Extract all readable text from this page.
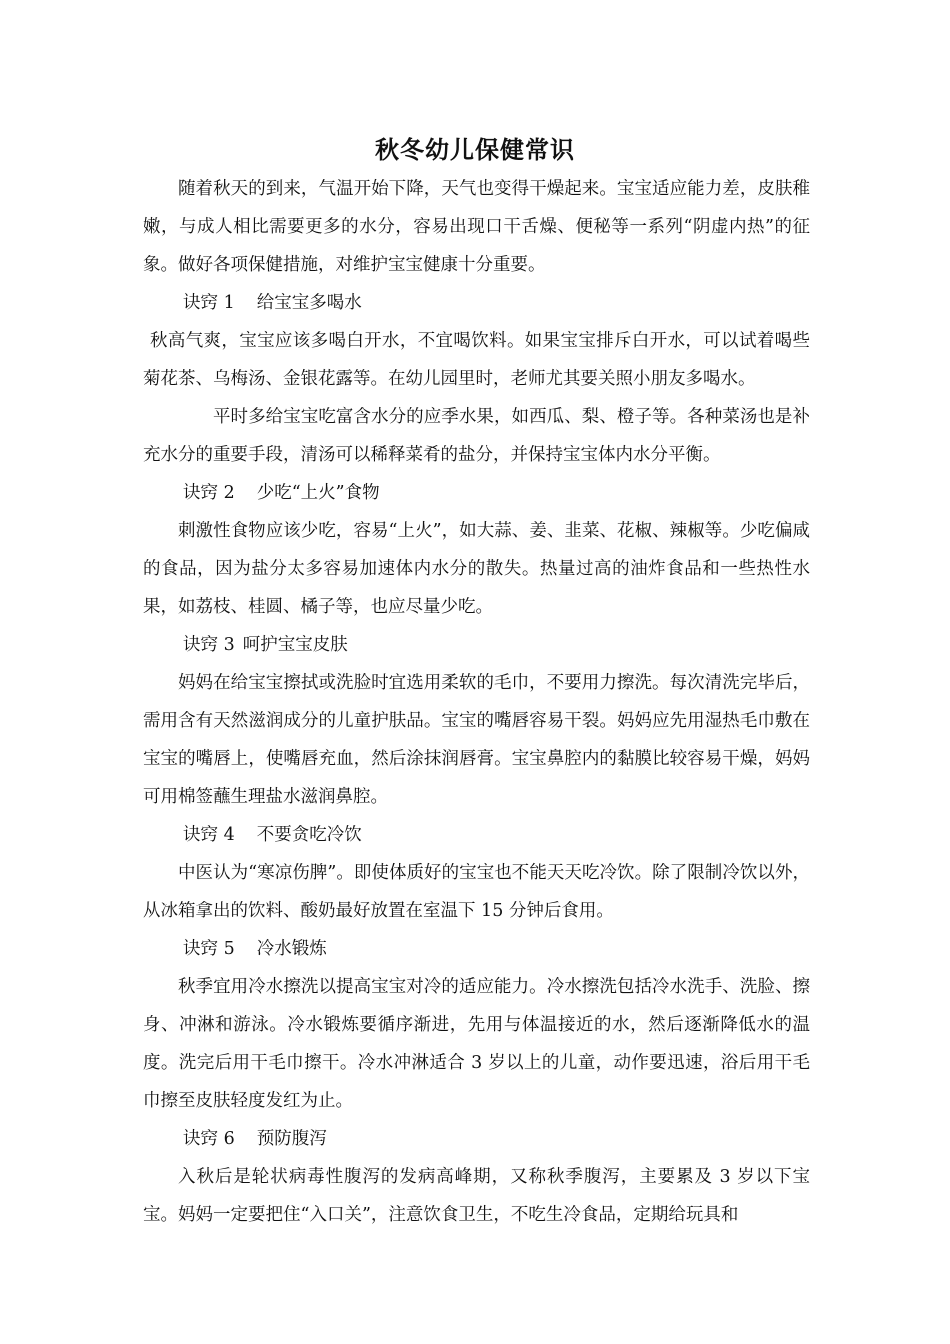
秋冬幼儿保健常识

随着秋天的到来，气温开始下降，天气也变得干燥起来。宝宝适应能力差，皮肤稚嫩，与成人相比需要更多的水分，容易出现口干舌燥、便秘等一系列“阴虚内热”的征象。做好各项保健措施，对维护宝宝健康十分重要。

诀窍 1 给宝宝多喝水

秋高气爽，宝宝应该多喝白开水，不宜喝饮料。如果宝宝排斥白开水，可以试着喝些菊花茶、乌梅汤、金银花露等。在幼儿园里时，老师尤其要关照小朋友多喝水。

平时多给宝宝吃富含水分的应季水果，如西瓜、梨、橙子等。各种菜汤也是补充水分的重要手段，清汤可以稀释菜肴的盐分，并保持宝宝体内水分平衡。

诀窍 2 少吃“上火”食物

刺激性食物应该少吃，容易“上火”，如大蒜、姜、韭菜、花椒、辣椒等。少吃偏咸的食品，因为盐分太多容易加速体内水分的散失。热量过高的油炸食品和一些热性水果，如荔枝、桂圆、橘子等，也应尽量少吃。

诀窍 3 呵护宝宝皮肤

妈妈在给宝宝擦拭或洗脸时宜选用柔软的毛巾，不要用力擦洗。每次清洗完毕后，需用含有天然滋润成分的儿童护肤品。宝宝的嘴唇容易干裂。妈妈应先用湿热毛巾敷在宝宝的嘴唇上，使嘴唇充血，然后涂抹润唇膏。宝宝鼻腔内的黏膜比较容易干燥，妈妈可用棉签蘸生理盐水滋润鼻腔。

诀窍 4 不要贪吃冷饮

中医认为“寒凉伤脾”。即使体质好的宝宝也不能天天吃冷饮。除了限制冷饮以外，从冰箱拿出的饮料、酸奶最好放置在室温下 15 分钟后食用。

诀窍 5 冷水锻炼

秋季宜用冷水擦洗以提高宝宝对冷的适应能力。冷水擦洗包括冷水洗手、洗脸、擦身、冲淋和游泳。冷水锻炼要循序渐进，先用与体温接近的水，然后逐渐降低水的温度。洗完后用干毛巾擦干。冷水冲淋适合 3 岁以上的儿童，动作要迅速，浴后用干毛巾擦至皮肤轻度发红为止。

诀窍 6 预防腹泻

入秋后是轮状病毒性腹泻的发病高峰期，又称秋季腹泻，主要累及 3 岁以下宝宝。妈妈一定要把住“入口关”，注意饮食卫生，不吃生冷食品，定期给玩具和
